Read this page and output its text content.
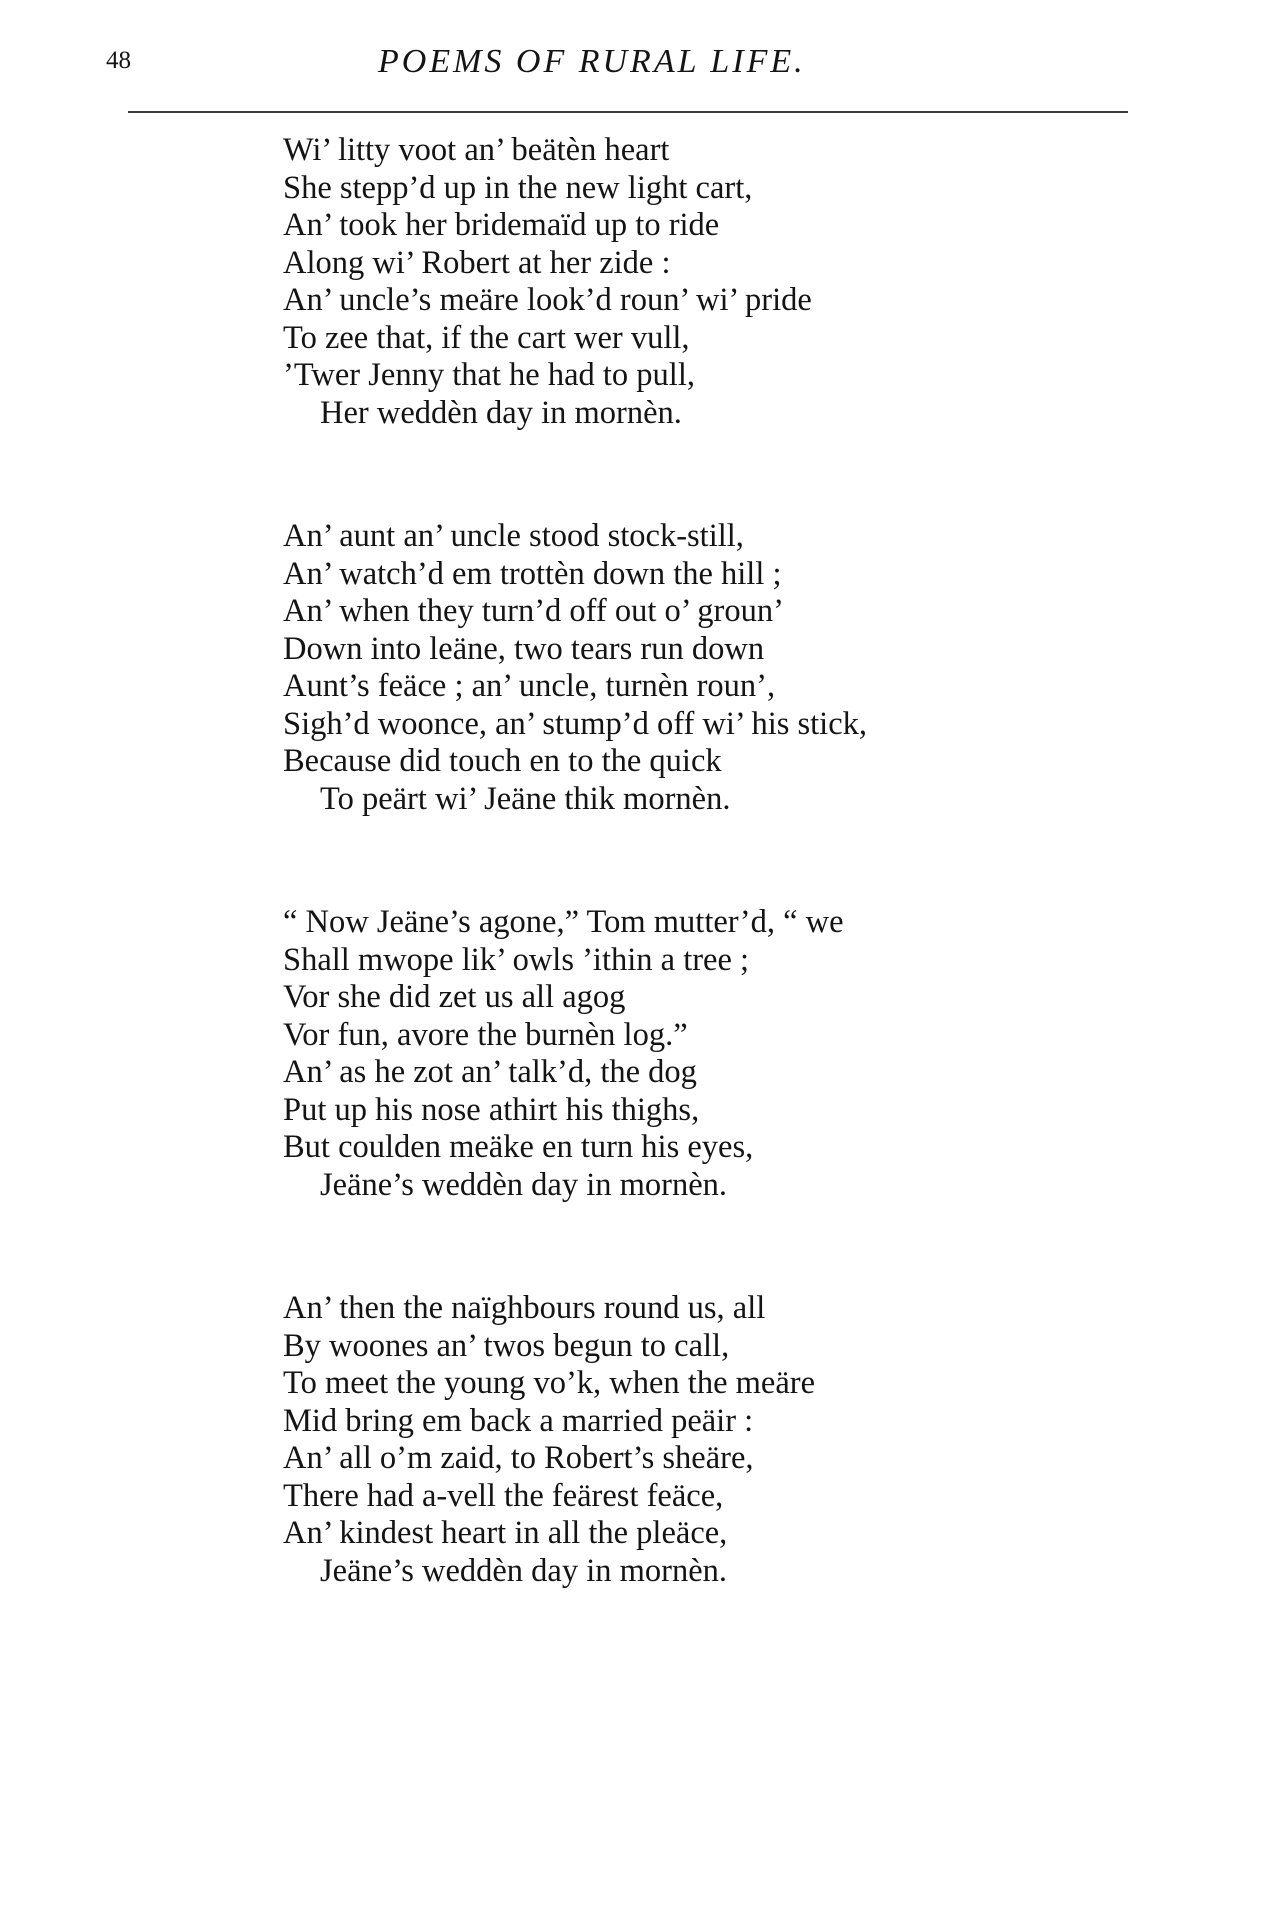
48	POEMS OF RURAL LIFE.
Wi’ litty voot an’ beätèn heart
She stepp’d up in the new light cart,
An’ took her bridemaïd up to ride
Along wi’ Robert at her zide :
An’ uncle’s meäre look’d roun’ wi’ pride
To zee that, if the cart wer vull,
’Twer Jenny that he had to pull,
Her weddèn day in mornèn.
An’ aunt an’ uncle stood stock-still,
An’ watch’d em trottèn down the hill ;
An’ when they turn’d off out o’ groun’
Down into leäne, two tears run down
Aunt’s feäce ; an’ uncle, turnèn roun’,
Sigh’d woonce, an’ stump’d off wi’ his stick,
Because did touch en to the quick
To peärt wi’ Jeäne thik mornèn.
“ Now Jeäne’s agone,” Tom mutter’d, “ we
Shall mwope lik’ owls ’ithin a tree ;
Vor she did zet us all agog
Vor fun, avore the burnèn log.”
An’ as he zot an’ talk’d, the dog
Put up his nose athirt his thighs,
But coulden meäke en turn his eyes,
Jeäne’s weddèn day in mornèn.
An’ then the naïghbours round us, all
By woones an’ twos begun to call,
To meet the young vo’k, when the meäre
Mid bring em back a married peäir :
An’ all o’m zaid, to Robert’s sheäre,
There had a-vell the feärest feäce,
An’ kindest heart in all the pleäce,
Jeäne’s weddèn day in mornèn.
